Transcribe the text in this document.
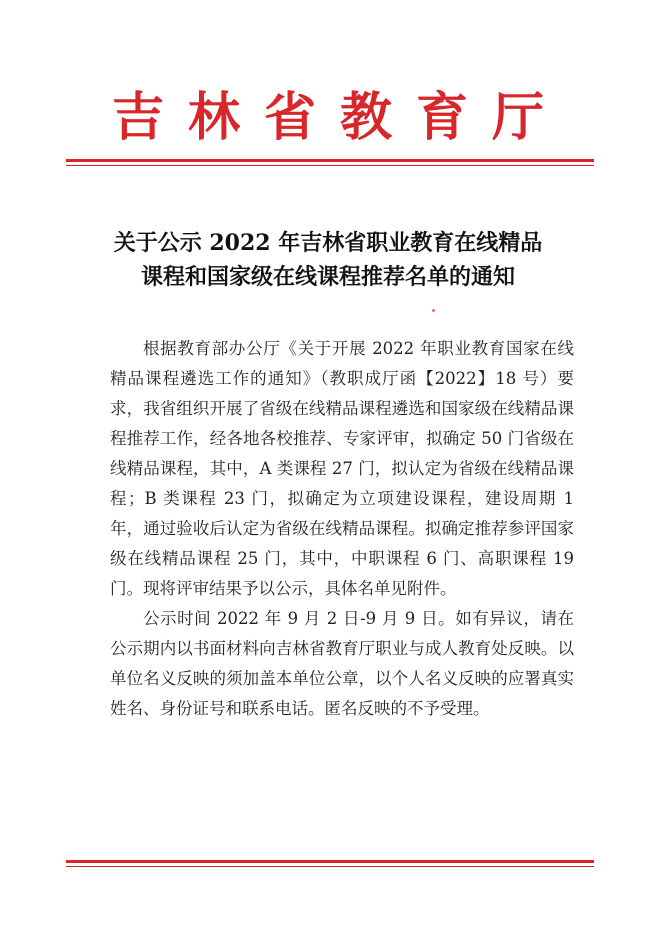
吉林省教育厅
关于公示 2022 年吉林省职业教育在线精品
课程和国家级在线课程推荐名单的通知

根据教育部办公厅《关于开展 2022 年职业教育国家在线精品课程遴选工作的通知》（教职成厅函【2022】18 号）要求，我省组织开展了省级在线精品课程遴选和国家级在线精品课程推荐工作，经各地各校推荐、专家评审，拟确定 50 门省级在线精品课程，其中，A 类课程 27 门，拟认定为省级在线精品课程；B 类课程 23 门，拟确定为立项建设课程，建设周期 1 年，通过验收后认定为省级在线精品课程。拟确定推荐参评国家级在线精品课程 25 门，其中，中职课程 6 门、高职课程 19 门。现将评审结果予以公示，具体名单见附件。

公示时间 2022 年 9 月 2 日-9 月 9 日。如有异议，请在公示期内以书面材料向吉林省教育厅职业与成人教育处反映。以单位名义反映的须加盖本单位公章，以个人名义反映的应署真实姓名、身份证号和联系电话。匿名反映的不予受理。
